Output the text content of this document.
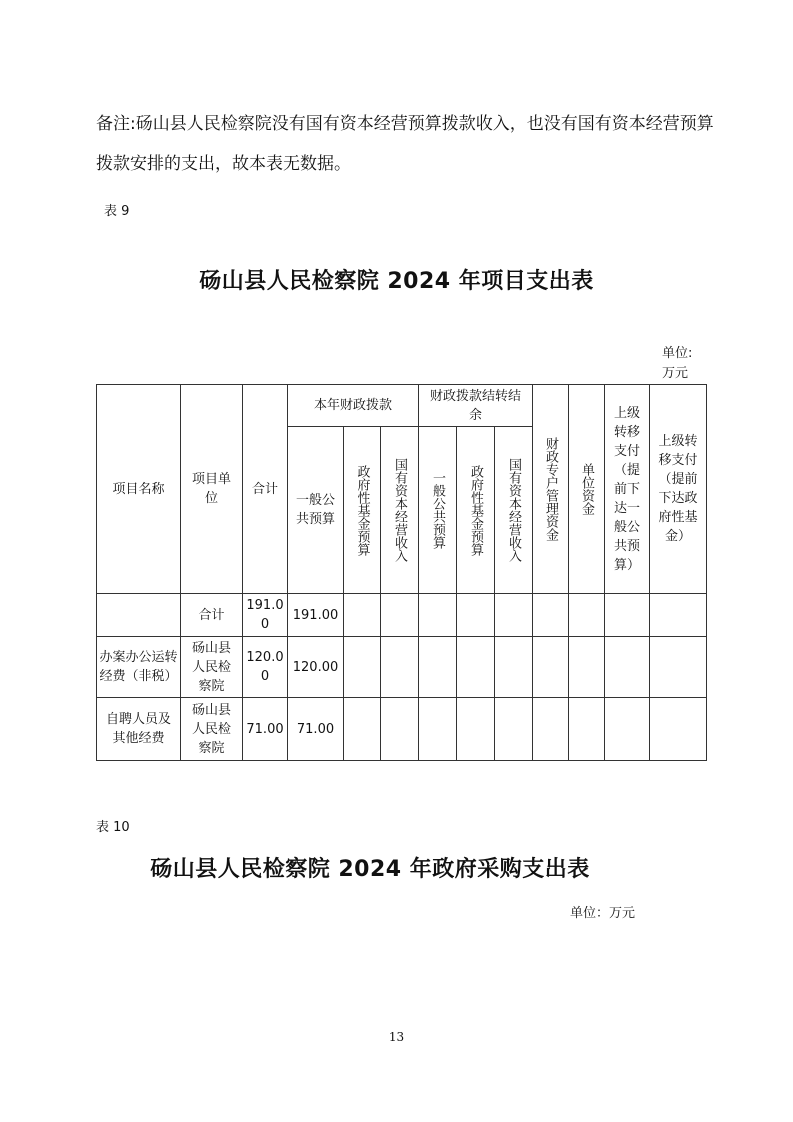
备注:砀山县人民检察院没有国有资本经营预算拨款收入，也没有国有资本经营预算拨款安排的支出，故本表无数据。
表 9
砀山县人民检察院 2024 年项目支出表
单位:
万元
项目名称	项目单位	合计	本年财政拨款			财政拨款结转结余			财政专户管理资金	单位资金	上级转移支付（提前下达一般公共预算）	上级转移支付（提前下达政府性基金）
			一般公共预算	政府性基金预算	国有资本经营收入	一般公共预算	政府性基金预算	国有资本经营收入				

	合计	191.00	191.00									
办案办公运转经费（非税）	砀山县人民检察院	120.00	120.00									
自聘人员及其他经费	砀山县人民检察院	71.00	71.00									
表 10
砀山县人民检察院 2024 年政府采购支出表
单位：万元
13
